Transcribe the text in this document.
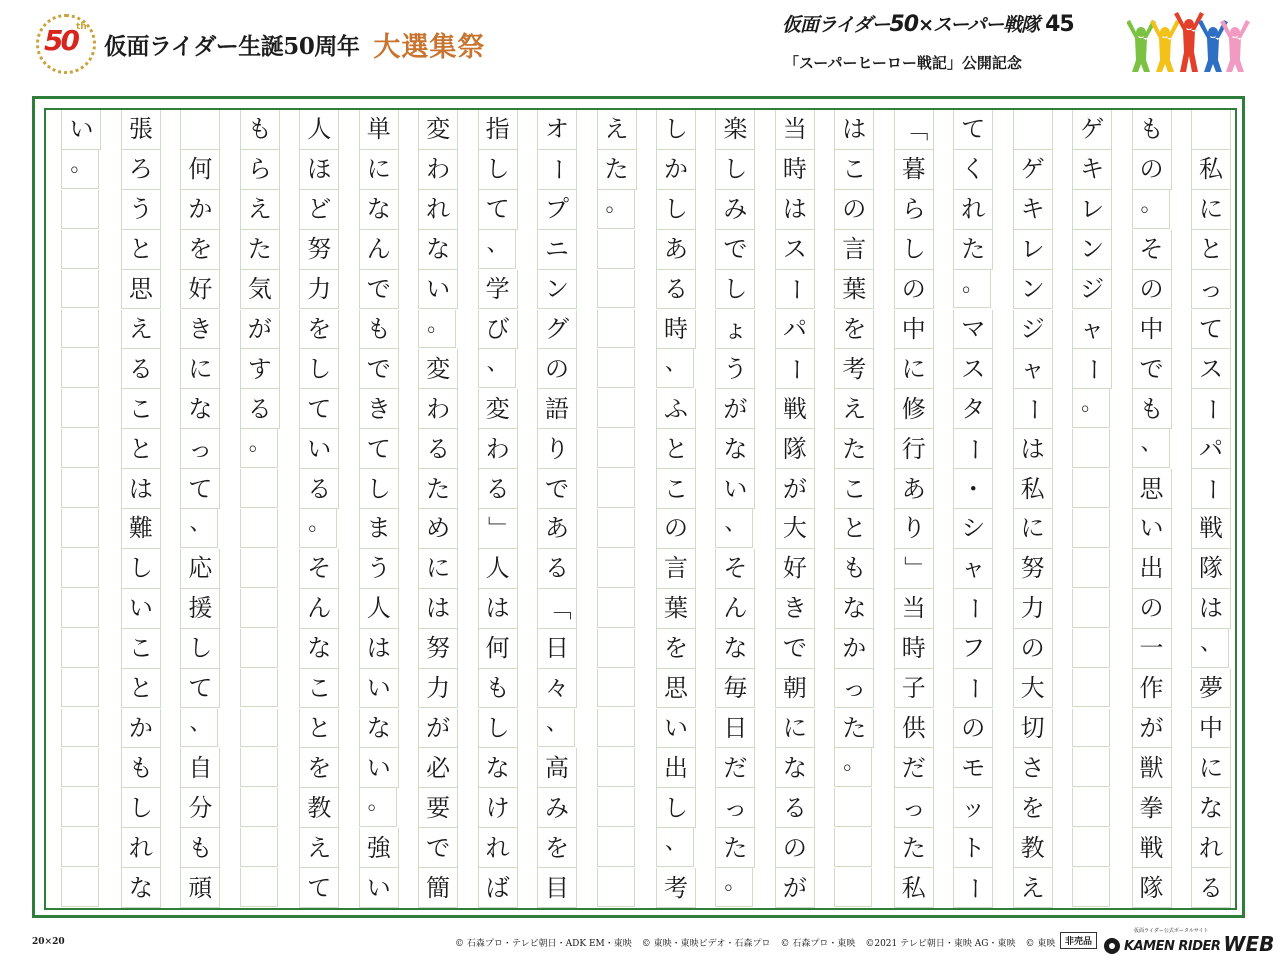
50 th
仮面ライダー生誕50周年 大選集祭
仮面ライダー50×スーパー戦隊 45
「スーパーヒーロー戦記」公開記念
私
に
と
っ
て
ス
ー
パ
ー
戦
隊
は
、
夢
中
に
な
れ
る
も
の
。
そ
の
中
で
も
、
思
い
出
の
一
作
が
獣
拳
戦
隊
ゲ
キ
レ
ン
ジ
ャ
ー
。
ゲ
キ
レ
ン
ジ
ャ
ー
は
私
に
努
力
の
大
切
さ
を
教
え
て
く
れ
た
。
マ
ス
タ
ー
・
シ
ャ
ー
フ
ー
の
モ
ッ
ト
ー
「
暮
ら
し
の
中
に
修
行
あ
り
」
当
時
子
供
だ
っ
た
私
は
こ
の
言
葉
を
考
え
た
こ
と
も
な
か
っ
た
。
当
時
は
ス
ー
パ
ー
戦
隊
が
大
好
き
で
朝
に
な
る
の
が
楽
し
み
で
し
ょ
う
が
な
い
、
そ
ん
な
毎
日
だ
っ
た
。
し
か
し
あ
る
時
、
ふ
と
こ
の
言
葉
を
思
い
出
し
、
考
え
た
。
オ
ー
プ
ニ
ン
グ
の
語
り
で
あ
る
「
日
々
、
高
み
を
目
指
し
て
、
学
び
、
変
わ
る
」
人
は
何
も
し
な
け
れ
ば
変
わ
れ
な
い
。
変
わ
る
た
め
に
は
努
力
が
必
要
で
簡
単
に
な
ん
で
も
で
き
て
し
ま
う
人
は
い
な
い
。
強
い
人
ほ
ど
努
力
を
し
て
い
る
。
そ
ん
な
こ
と
を
教
え
て
も
ら
え
た
気
が
す
る
。
何
か
を
好
き
に
な
っ
て
、
応
援
し
て
、
自
分
も
頑
張
ろ
う
と
思
え
る
こ
と
は
難
し
い
こ
と
か
も
し
れ
な
い
。
20×20	© 石森プロ・テレビ朝日・ADK EM・東映 © 東映・東映ビデオ・石森プロ © 石森プロ・東映 ©2021 テレビ朝日・東映 AG・東映 © 東映	非売品
仮面ライダー公式ポータルサイト
KAMEN RIDER WEB
